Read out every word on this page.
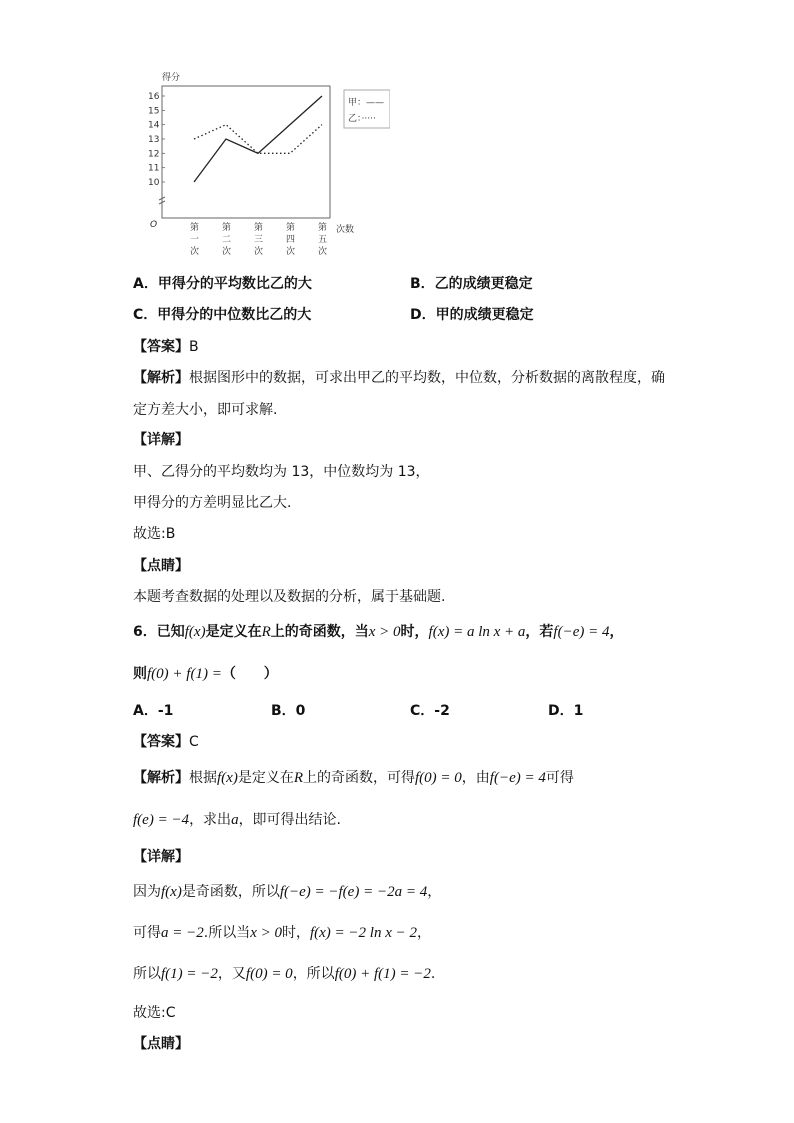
得分
次数
O
10
11
12
13
14
15
16
第
一
次
第
二
次
第
三
次
第
四
次
第
五
次
甲：——
乙：·····
A．甲得分的平均数比乙的大	B．乙的成绩更稳定
C．甲得分的中位数比乙的大	D．甲的成绩更稳定
【答案】B
【解析】根据图形中的数据，可求出甲乙的平均数，中位数，分析数据的离散程度，确
定方差大小，即可求解.
【详解】
甲、乙得分的平均数均为 13，中位数均为 13，
甲得分的方差明显比乙大.
故选:B
【点睛】
本题考查数据的处理以及数据的分析，属于基础题.
6．已知f(x)是定义在R上的奇函数，当x > 0时，f(x) = a ln x + a，若f(−e) = 4，
则f(0) + f(1) =（　　）
A．-1	B．0	C．-2	D．1
【答案】C
【解析】根据f(x)是定义在R上的奇函数，可得f(0) = 0，由f(−e) = 4可得
f(e) = −4，求出a，即可得出结论.
【详解】
因为f(x)是奇函数，所以f(−e) = −f(e) = −2a = 4，
可得a = −2.所以当x > 0时，f(x) = −2 ln x − 2，
所以f(1) = −2，又f(0) = 0，所以f(0) + f(1) = −2.
故选:C
【点睛】
